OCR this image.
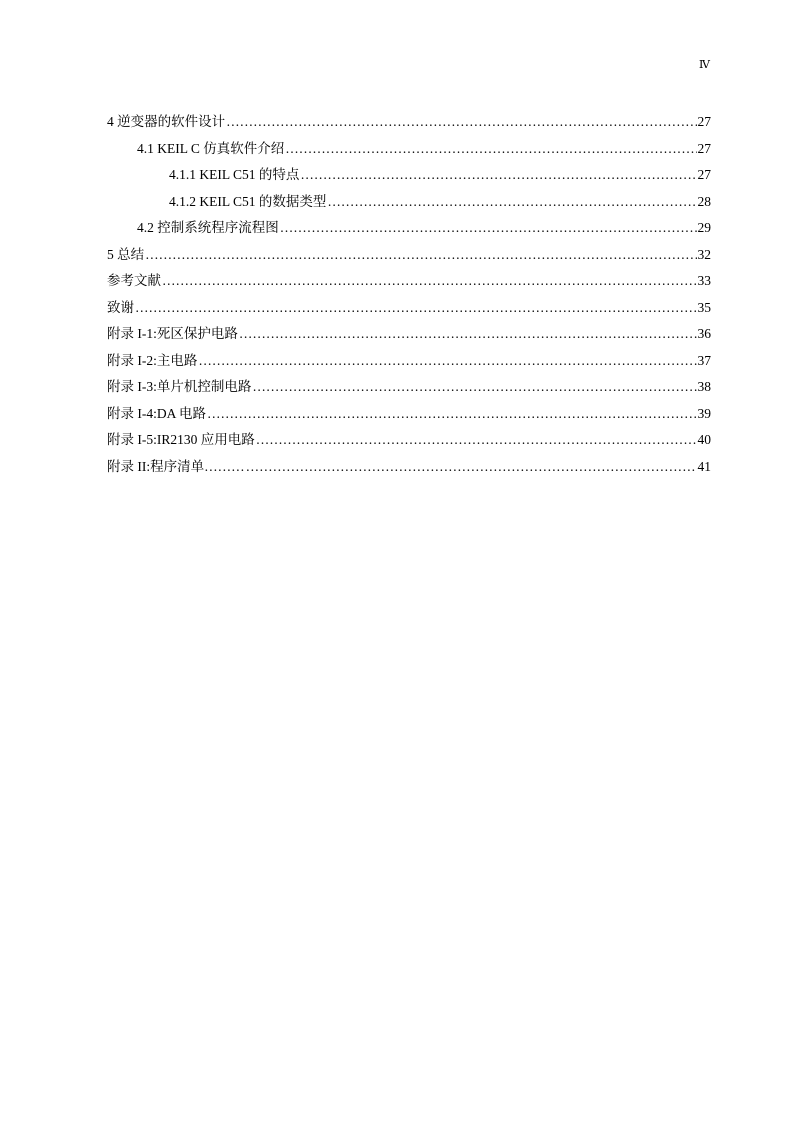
Ⅳ
4 逆变器的软件设计 ……………………………………………………………………………………………………………………………………………………………………	27
4.1 KEIL C 仿真软件介绍 ……………………………………………………………………………………………………………………………………………………………………	27
4.1.1 KEIL C51 的特点 ……………………………………………………………………………………………………………………………………………………………………	27
4.1.2 KEIL C51 的数据类型 ……………………………………………………………………………………………………………………………………………………………………	28
4.2 控制系统程序流程图 ……………………………………………………………………………………………………………………………………………………………………	29
5 总结 ……………………………………………………………………………………………………………………………………………………………………	32
参考文献 ……………………………………………………………………………………………………………………………………………………………………	33
致谢 ……………………………………………………………………………………………………………………………………………………………………	35
附录 I-1:死区保护电路 ……………………………………………………………………………………………………………………………………………………………………	36
附录 I-2:主电路 ……………………………………………………………………………………………………………………………………………………………………	37
附录 I-3:单片机控制电路 ……………………………………………………………………………………………………………………………………………………………………	38
附录 I-4:DA 电路 ……………………………………………………………………………………………………………………………………………………………………	39
附录 I-5:IR2130 应用电路 ……………………………………………………………………………………………………………………………………………………………………	40
附录 II:程序清单……… ……………………………………………………………………………………………………………………………………………………………………	41
